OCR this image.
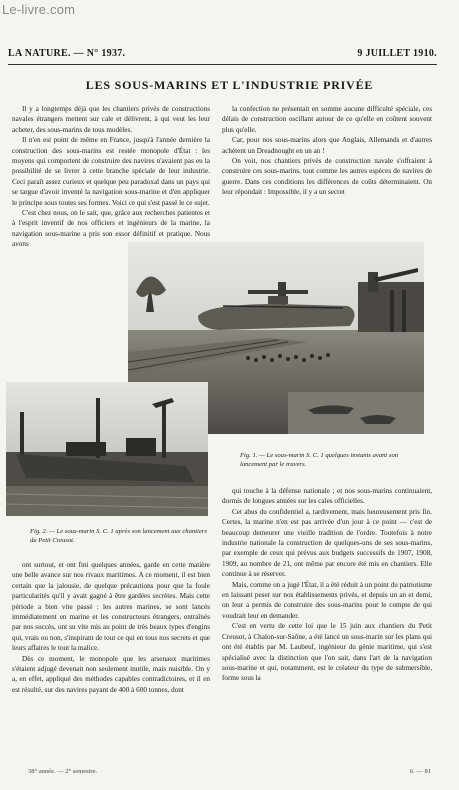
Le-livre.com
LA NATURE. — N° 1937.	9 JUILLET 1910.
LES SOUS-MARINS ET L'INDUSTRIE PRIVÉE

Il y a longtemps déjà que les chantiers privés de constructions navales étrangers mettent sur cale et délivrent, à qui veut les leur acheter, des sous-marins de tous modèles.

Il n'en est point de même en France, jusqu'à l'année dernière la construction des sous-marins est restée monopole d'État : les moyens qui comportent de construire des navires n'avaient pas eu la possibilité de se livrer à cette branche spéciale de leur industrie. Ceci paraît assez curieux et quelque peu paradoxal dans un pays qui se targue d'avoir inventé la navigation sous-marine et d'en appliquer le principe sous toutes ses formes. Voici ce qui s'est passé le ce sujet.

C'est chez nous, on le sait, que, grâce aux recherches patientes et à l'esprit inventif de nos officiers et ingénieurs de la marine, la navigation sous-marine a pris son essor définitif et pratique. Nous avons

la confection ne présentait en somme aucune difficulté spéciale, ces délais de construction oscillant autour de ce qu'elle en coûtent souvent plus qu'elle.

Car, pour nos sous-marins alors que Anglais, Allemands et d'autres achètent un Dreadnought en un an !

On voit, nos chantiers privés de construction navale s'offraient à construire ces sous-marins, tout comme les autres espèces de navires de guerre. Dans ces conditions les différences de coûts déterminaient. On leur répondait : Impossible, il y a un secret

Fig. 1. — Le sous-marin S. C. 1 quelques instants avant son lancement par le travers.
Fig. 2. — Le sous-marin S. C. 1 après son lancement aux chantiers du Petit Creusot.

ont surtout, et ont fini quelques années, garde en cette matière une belle avance sur nos rivaux maritimes. A ce moment, il est bien certain que la jalousie, de quelque précautions pour que la foule particularités qu'il y avait gagné à être gardées secrètes. Mais cette période a bien vite passé : les autres marines, se sont lancés immédiatement en marine et les constructeurs étrangers, entraînés par nos succès, ont su vite mis au point de très beaux types d'engins qui, vrais ou non, s'inspirant de tout ce qui en tous nos secrets et que leurs affaires le tout la malice.

Dès ce moment, le monopole que les arsenaux maritimes s'étaient adjugé devenait non seulement inutile, mais nuisible. On y a, en effet, appliqué des méthodes capables contradictoires, et il en est résulté, sur des navires payant de 400 à 600 tonnes, dont

qui touche à la défense nationale ; et nos sous-marins continuaient, dormis de longues années sur les cales officielles.

Cet abus du confidentiel a, tardivement, mais heureusement pris fin. Certes, la marine n'en est pas arrivée d'un jour à ce point — c'est de beaucoup demeurer une vieille tradition de l'ordre. Toutefois à notre industrie nationale la construction de quelques-uns de ses sous-marins, par exemple de ceux qui prévus aux budgets successifs de 1907, 1908, 1909, au nombre de 21, ont même par encore été mis en chantiers. Elle continue à se réserver.

Mais, comme on a jugé l'État, il a été réduit à un point du patriotisme en laissant peser sur nos établissements privés, et depuis un an et demi, on leur a permis de construire des sous-marins pour le compte de qui voudrait leur en demander.

C'est en vertu de cette loi que le 15 juin aux chantiers du Petit Creusot, à Chalon-sur-Saône, a été lancé un sous-marin sur les plans qui ont été établis par M. Laubeuf, ingénieur du génie maritime, qui s'est spécialisé avec la distinction que l'on sait, dans l'art de la navigation sous-marine et qui, notamment, est le créateur du type de submersible, forme sous la

38° année. — 2° semestre.	6. — 81
